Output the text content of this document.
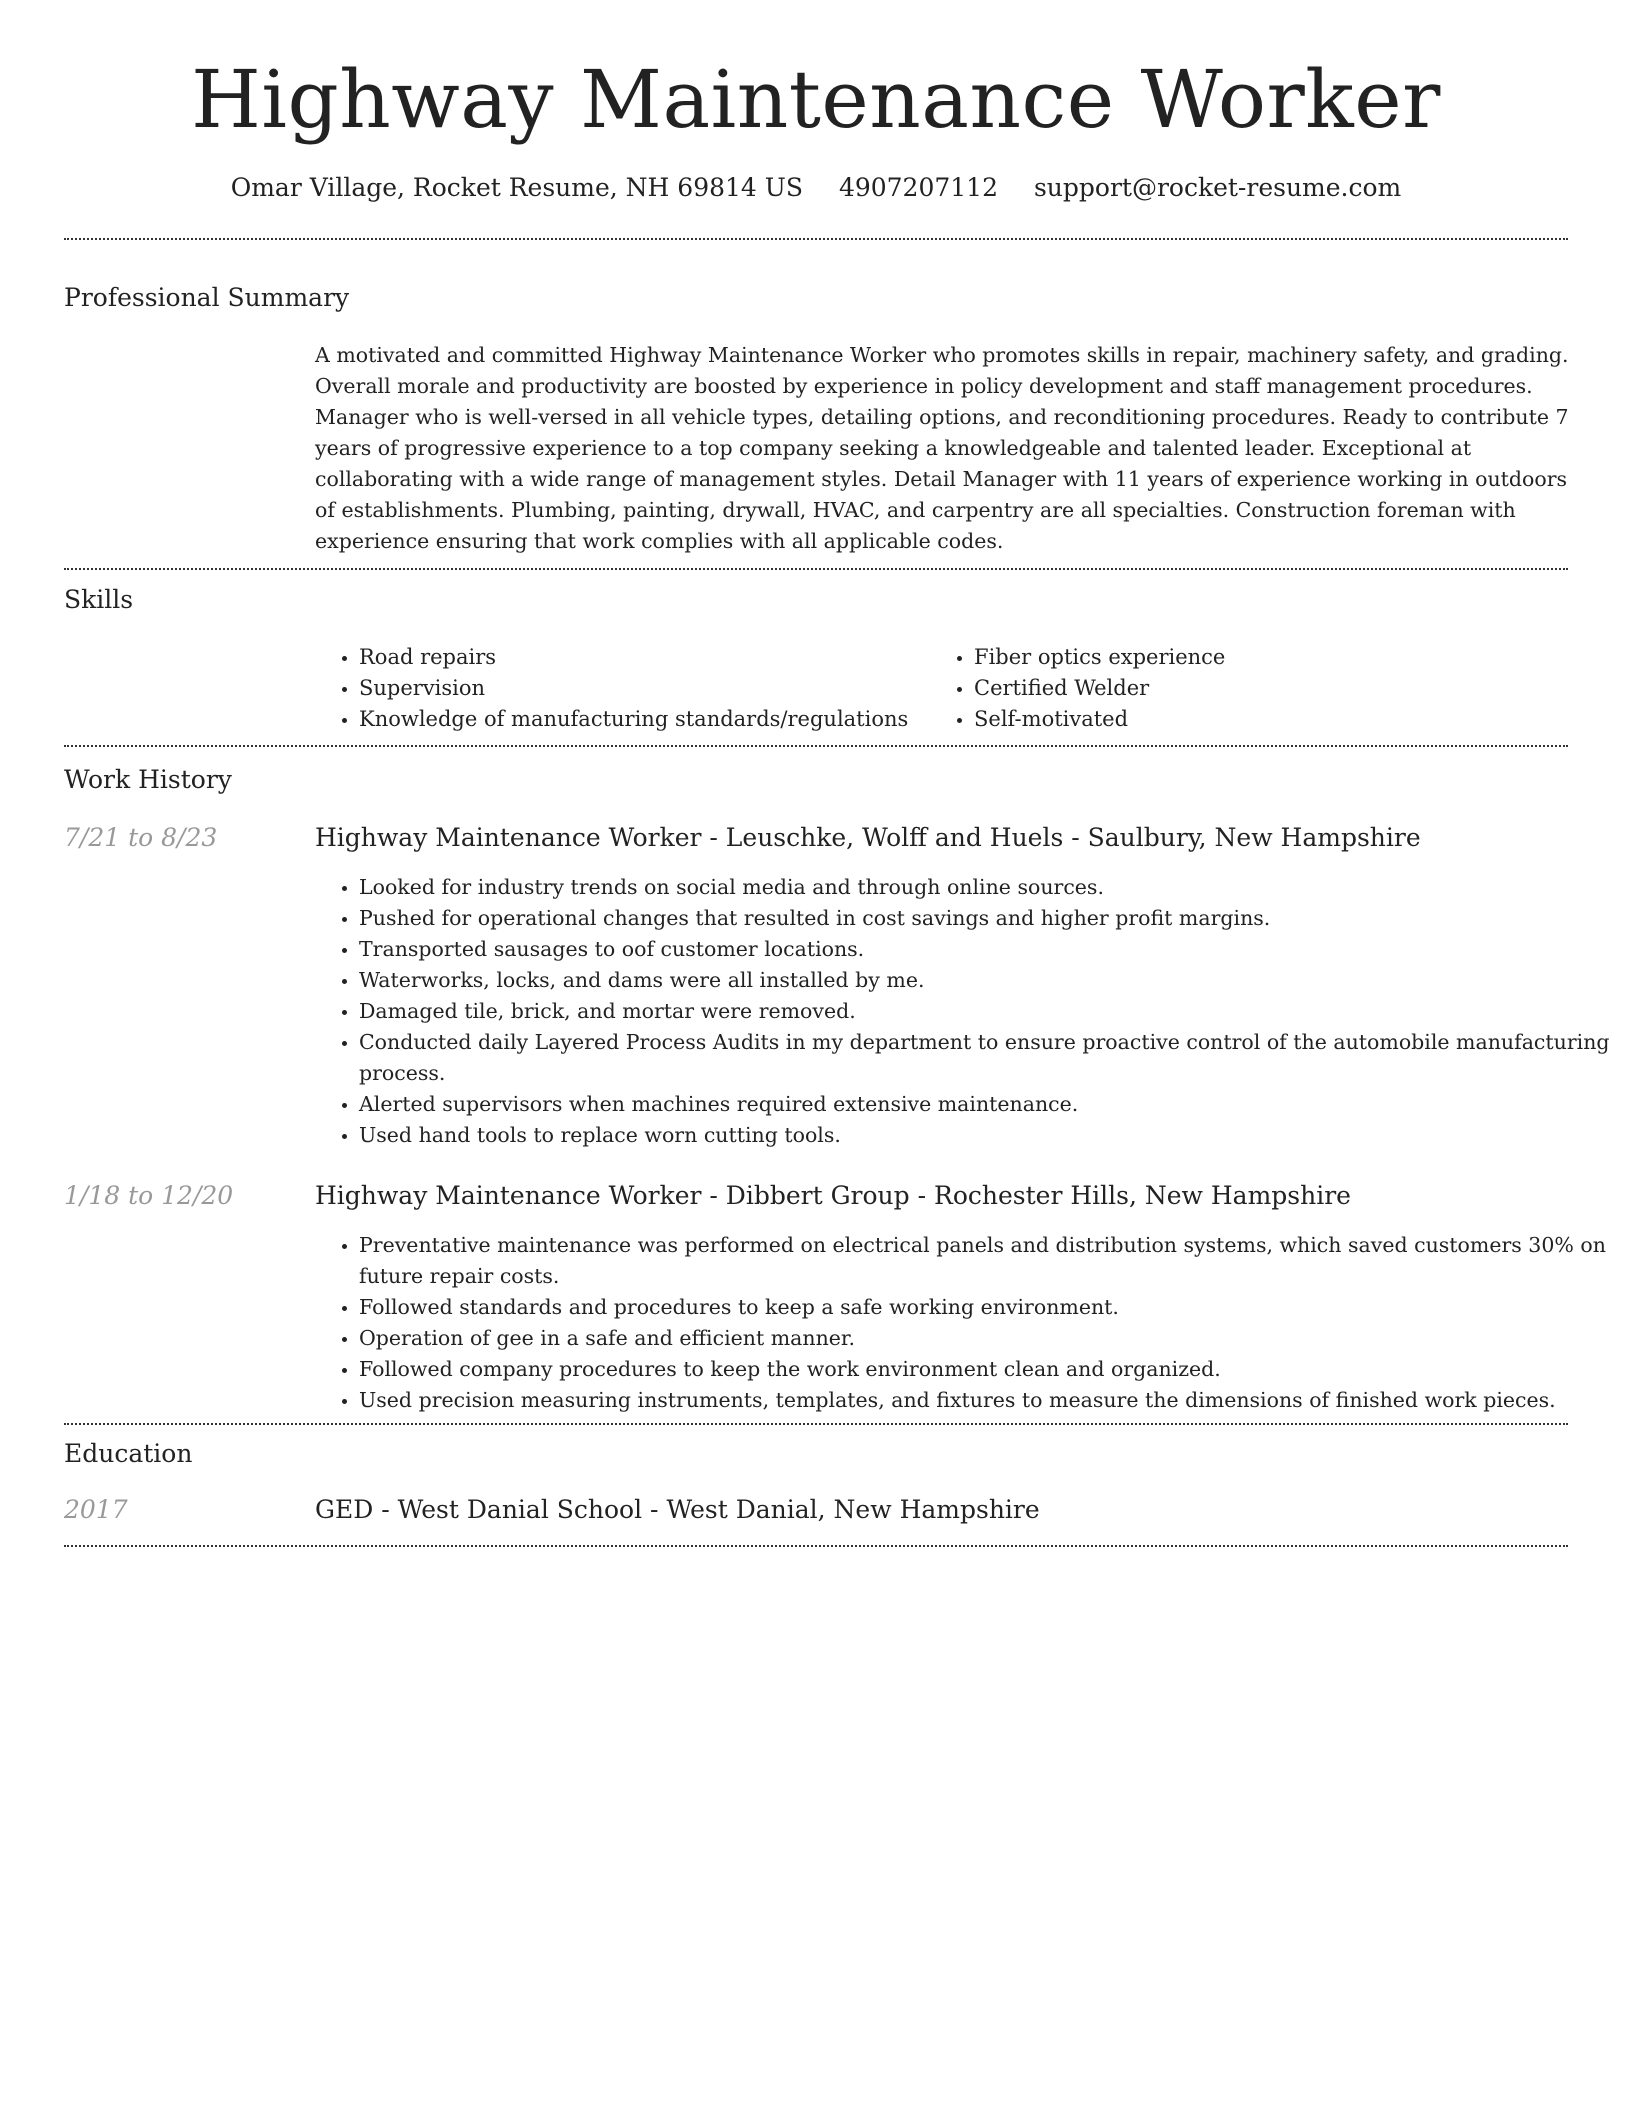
Highway Maintenance Worker
Omar Village, Rocket Resume, NH 69814 US 4907207112 support@rocket-resume.com
Professional Summary
A motivated and committed Highway Maintenance Worker who promotes skills in repair, machinery safety, and grading. Overall morale and productivity are boosted by experience in policy development and staff management procedures. Manager who is well-versed in all vehicle types, detailing options, and reconditioning procedures. Ready to contribute 7 years of progressive experience to a top company seeking a knowledgeable and talented leader. Exceptional at collaborating with a wide range of management styles. Detail Manager with 11 years of experience working in outdoors of establishments. Plumbing, painting, drywall, HVAC, and carpentry are all specialties. Construction foreman with experience ensuring that work complies with all applicable codes.
Skills
• Road repairs
• Supervision
• Knowledge of manufacturing standards/regulations
• Fiber optics experience
• Certified Welder
• Self-motivated
Work History
7/21 to 8/23	Highway Maintenance Worker - Leuschke, Wolff and Huels - Saulbury, New Hampshire
• Looked for industry trends on social media and through online sources.
• Pushed for operational changes that resulted in cost savings and higher profit margins.
• Transported sausages to oof customer locations.
• Waterworks, locks, and dams were all installed by me.
• Damaged tile, brick, and mortar were removed.
• Conducted daily Layered Process Audits in my department to ensure proactive control of the automobile manufacturing process.
• Alerted supervisors when machines required extensive maintenance.
• Used hand tools to replace worn cutting tools.
1/18 to 12/20	Highway Maintenance Worker - Dibbert Group - Rochester Hills, New Hampshire
• Preventative maintenance was performed on electrical panels and distribution systems, which saved customers 30% on future repair costs.
• Followed standards and procedures to keep a safe working environment.
• Operation of gee in a safe and efficient manner.
• Followed company procedures to keep the work environment clean and organized.
• Used precision measuring instruments, templates, and fixtures to measure the dimensions of finished work pieces.
Education
2017	GED - West Danial School - West Danial, New Hampshire
